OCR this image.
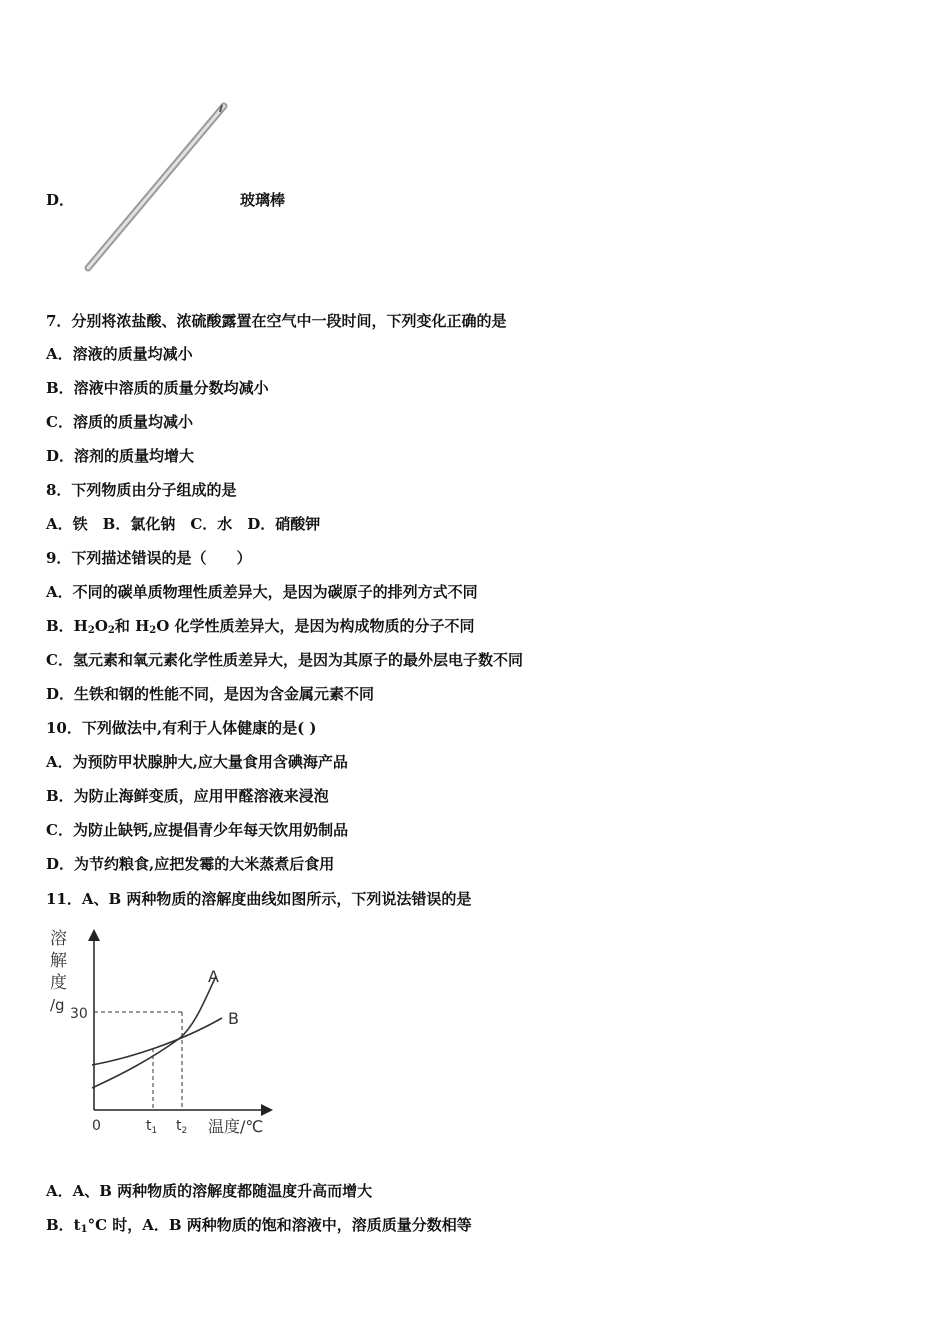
D．	玻璃棒
7．分别将浓盐酸、浓硫酸露置在空气中一段时间，下列变化正确的是
A．溶液的质量均减小
B．溶液中溶质的质量分数均减小
C．溶质的质量均减小
D．溶剂的质量均增大
8．下列物质由分子组成的是
A．铁　B．氯化钠　C．水　D．硝酸钾
9．下列描述错误的是（　　）
A．不同的碳单质物理性质差异大，是因为碳原子的排列方式不同
B．$H_2O_2$和 $H_2O$ 化学性质差异大，是因为构成物质的分子不同
C．氢元素和氧元素化学性质差异大，是因为其原子的最外层电子数不同
D．生铁和钢的性能不同，是因为含金属元素不同
10．下列做法中,有利于人体健康的是( )
A．为预防甲状腺肿大,应大量食用含碘海产品
B．为防止海鲜变质，应用甲醛溶液来浸泡
C．为防止缺钙,应提倡青少年每天饮用奶制品
D．为节约粮食,应把发霉的大米蒸煮后食用
11．A、B 两种物质的溶解度曲线如图所示，下列说法错误的是
溶
解
度
/g 30
A
B
0	$t_1$ $t_2$ 温度/℃
A．A、B 两种物质的溶解度都随温度升高而增大
B．$t_1^\circ C$ 时，A．B 两种物质的饱和溶液中，溶质质量分数相等
